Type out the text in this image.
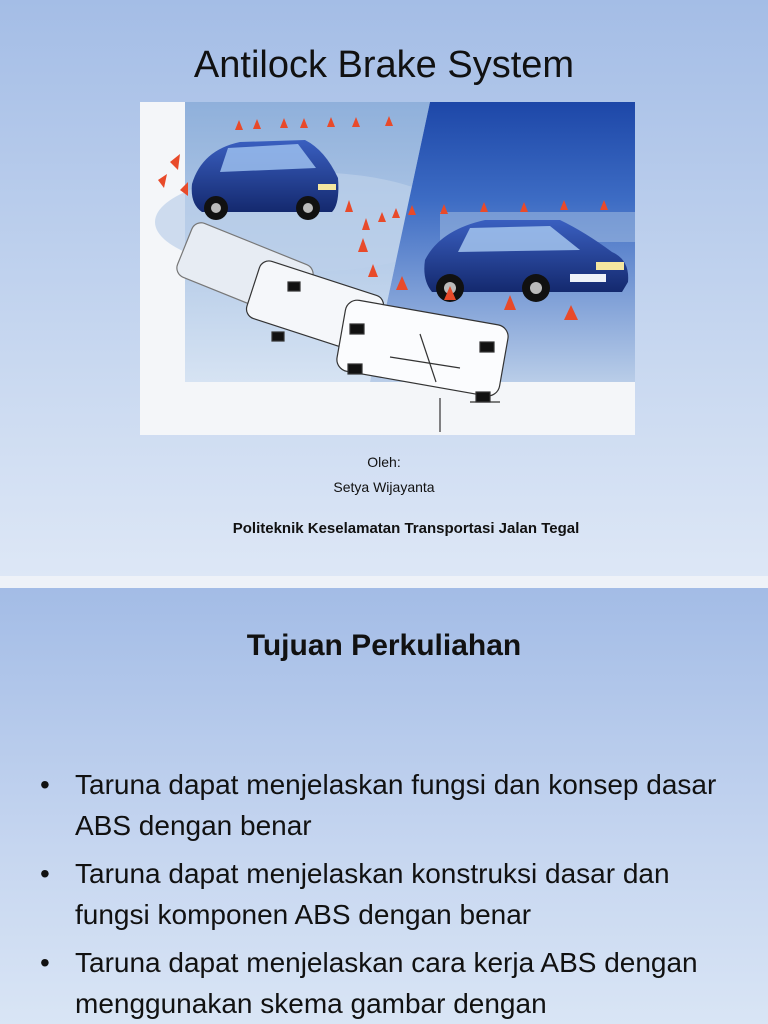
Antilock Brake System
Oleh:
Setya Wijayanta
Politeknik Keselamatan Transportasi Jalan Tegal
Tujuan Perkuliahan
• Taruna dapat menjelaskan fungsi dan konsep dasar ABS dengan benar
• Taruna dapat menjelaskan konstruksi dasar dan fungsi komponen ABS dengan benar
• Taruna dapat menjelaskan cara kerja ABS dengan menggunakan skema gambar dengan
